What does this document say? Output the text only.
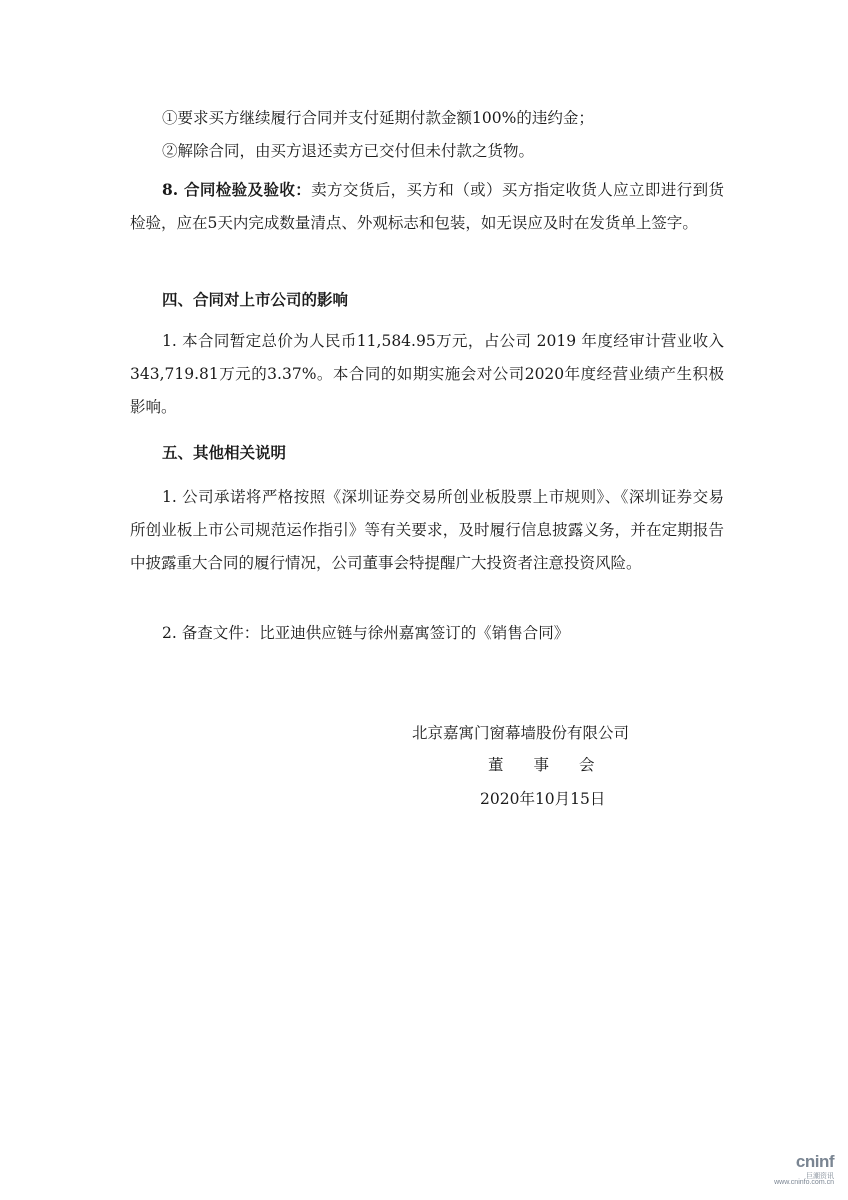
①要求买方继续履行合同并支付延期付款金额100%的违约金；

②解除合同，由买方退还卖方已交付但未付款之货物。

8. 合同检验及验收：卖方交货后，买方和（或）买方指定收货人应立即进行到货检验，应在5天内完成数量清点、外观标志和包装，如无误应及时在发货单上签字。

四、合同对上市公司的影响

1. 本合同暂定总价为人民币11,584.95万元，占公司 2019 年度经审计营业收入343,719.81万元的3.37%。本合同的如期实施会对公司2020年度经营业绩产生积极影响。

五、其他相关说明

1. 公司承诺将严格按照《深圳证券交易所创业板股票上市规则》、《深圳证券交易所创业板上市公司规范运作指引》等有关要求，及时履行信息披露义务，并在定期报告中披露重大合同的履行情况，公司董事会特提醒广大投资者注意投资风险。

2. 备查文件：比亚迪供应链与徐州嘉寓签订的《销售合同》

北京嘉寓门窗幕墙股份有限公司

董事会

2020年10月15日

cninf
巨潮资讯
www.cninfo.com.cn
